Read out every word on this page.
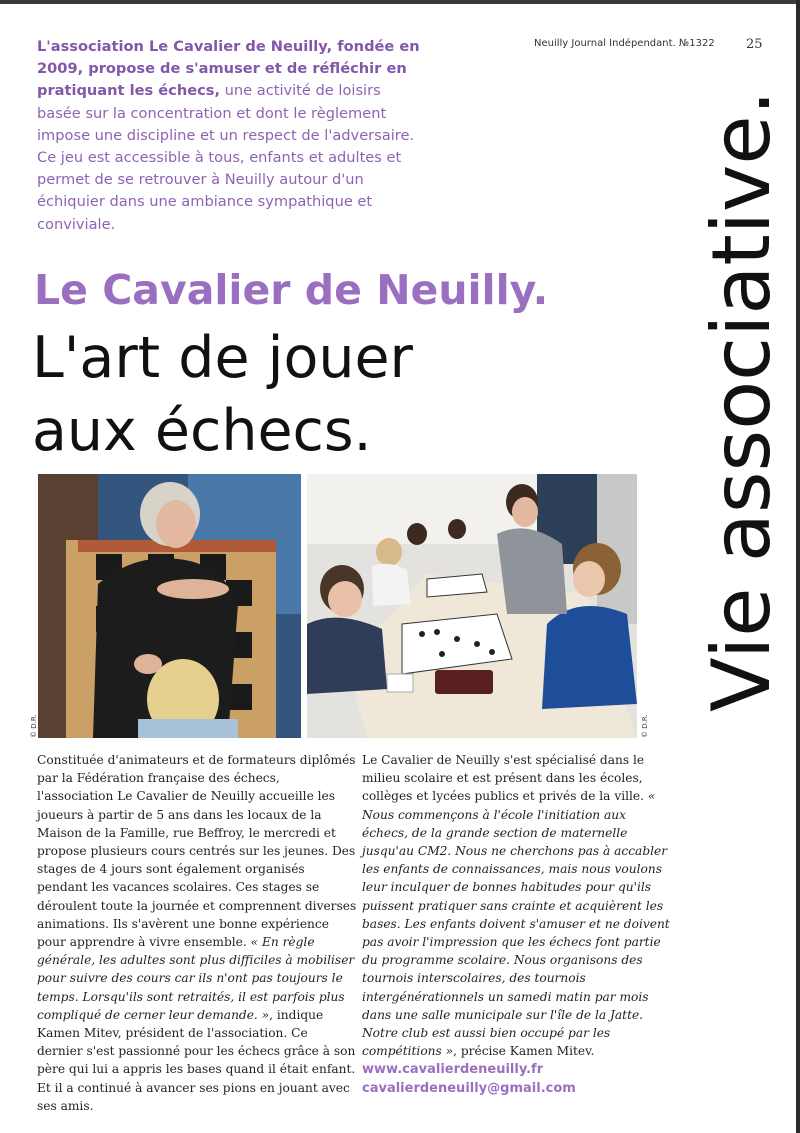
L'association Le Cavalier de Neuilly, fondée en 2009, propose de s'amuser et de réfléchir en pratiquant les échecs, une activité de loisirs basée sur la concentration et dont le règlement impose une discipline et un respect de l'adversaire. Ce jeu est accessible à tous, enfants et adultes et permet de se retrouver à Neuilly autour d'un échiquier dans une ambiance sympathique et conviviale.
Neuilly Journal Indépendant. №1322 25
Vie associative.
Le Cavalier de Neuilly.
L'art de jouer aux échecs.
© D.R.	© D.R.

Constituée d'animateurs et de formateurs diplômés par la Fédération française des échecs, l'association Le Cavalier de Neuilly accueille les joueurs à partir de 5 ans dans les locaux de la Maison de la Famille, rue Beffroy, le mercredi et propose plusieurs cours centrés sur les jeunes. Des stages de 4 jours sont également organisés pendant les vacances scolaires. Ces stages se déroulent toute la journée et comprennent diverses animations. Ils s'avèrent une bonne expérience pour apprendre à vivre ensemble. « En règle générale, les adultes sont plus difficiles à mobiliser pour suivre des cours car ils n'ont pas toujours le temps. Lorsqu'ils sont retraités, il est parfois plus compliqué de cerner leur demande. », indique Kamen Mitev, président de l'association. Ce dernier s'est passionné pour les échecs grâce à son père qui lui a appris les bases quand il était enfant. Et il a continué à avancer ses pions en jouant avec ses amis.

Le Cavalier de Neuilly s'est spécialisé dans le milieu scolaire et est présent dans les écoles, collèges et lycées publics et privés de la ville. « Nous commençons à l'école l'initiation aux échecs, de la grande section de maternelle jusqu'au CM2. Nous ne cherchons pas à accabler les enfants de connaissances, mais nous voulons leur inculquer de bonnes habitudes pour qu'ils puissent pratiquer sans crainte et acquièrent les bases. Les enfants doivent s'amuser et ne doivent pas avoir l'impression que les échecs font partie du programme scolaire. Nous organisons des tournois interscolaires, des tournois intergénérationnels un samedi matin par mois dans une salle municipale sur l'île de la Jatte. Notre club est aussi bien occupé par les compétitions », précise Kamen Mitev.

www.cavalierdeneuilly.fr
cavalierdeneuilly@gmail.com
